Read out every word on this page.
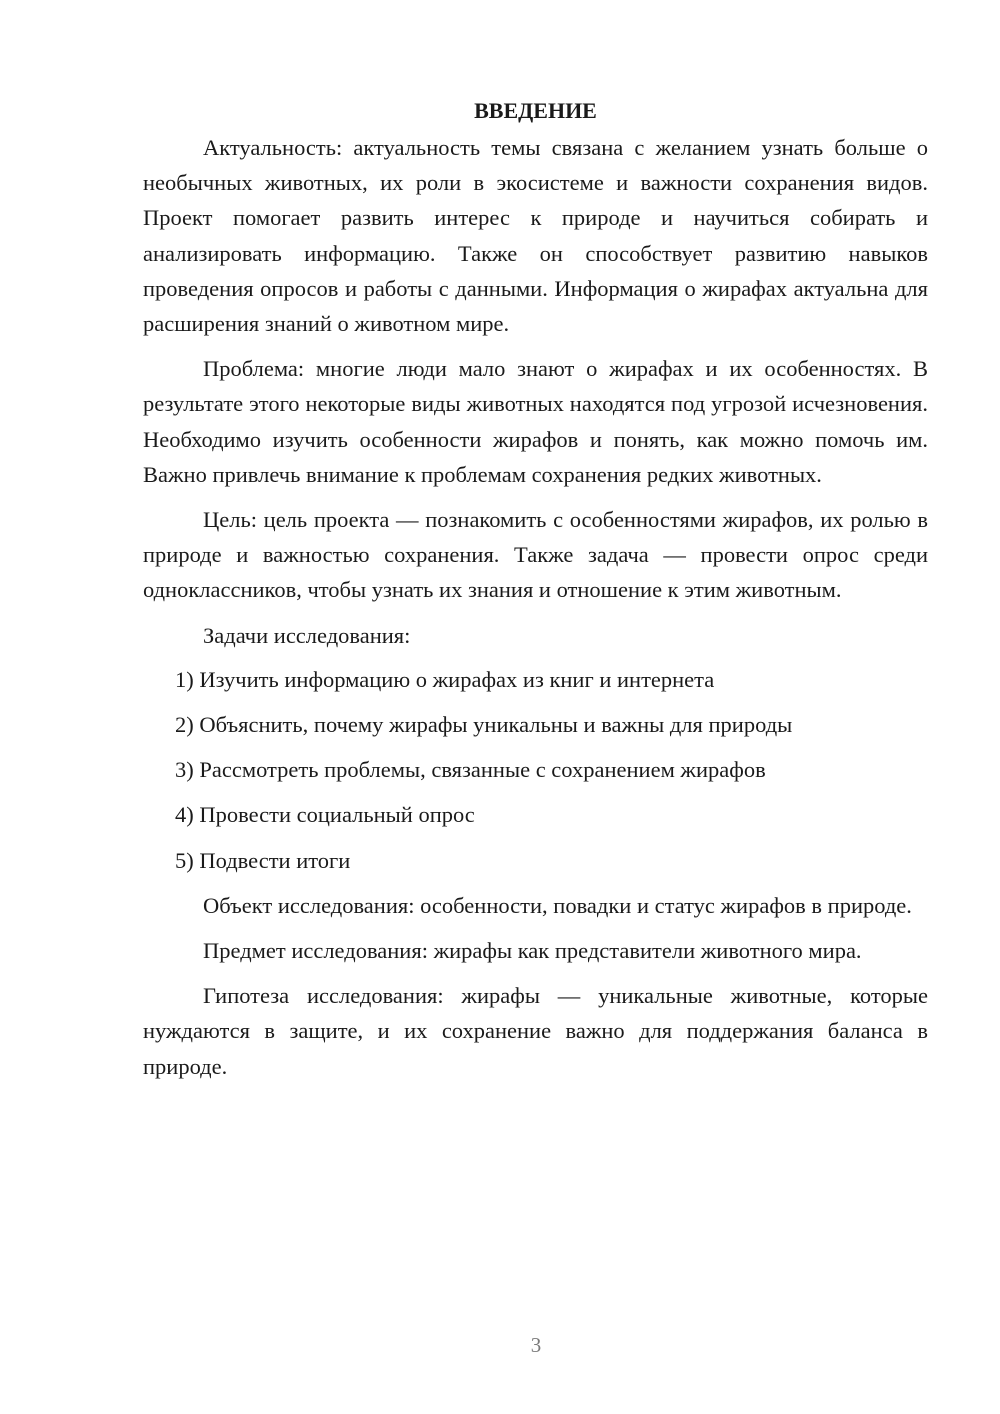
ВВЕДЕНИЕ

Актуальность: актуальность темы связана с желанием узнать больше о необычных животных, их роли в экосистеме и важности сохранения видов. Проект помогает развить интерес к природе и научиться собирать и анализировать информацию. Также он способствует развитию навыков проведения опросов и работы с данными. Информация о жирафах актуальна для расширения знаний о животном мире.

Проблема: многие люди мало знают о жирафах и их особенностях. В результате этого некоторые виды животных находятся под угрозой исчезновения. Необходимо изучить особенности жирафов и понять, как можно помочь им. Важно привлечь внимание к проблемам сохранения редких животных.

Цель: цель проекта — познакомить с особенностями жирафов, их ролью в природе и важностью сохранения. Также задача — провести опрос среди одноклассников, чтобы узнать их знания и отношение к этим животным.

Задачи исследования:

1) Изучить информацию о жирафах из книг и интернета
2) Объяснить, почему жирафы уникальны и важны для природы
3) Рассмотреть проблемы, связанные с сохранением жирафов
4) Провести социальный опрос
5) Подвести итоги

Объект исследования: особенности, повадки и статус жирафов в природе.

Предмет исследования: жирафы как представители животного мира.

Гипотеза исследования: жирафы — уникальные животные, которые нуждаются в защите, и их сохранение важно для поддержания баланса в природе.

3
